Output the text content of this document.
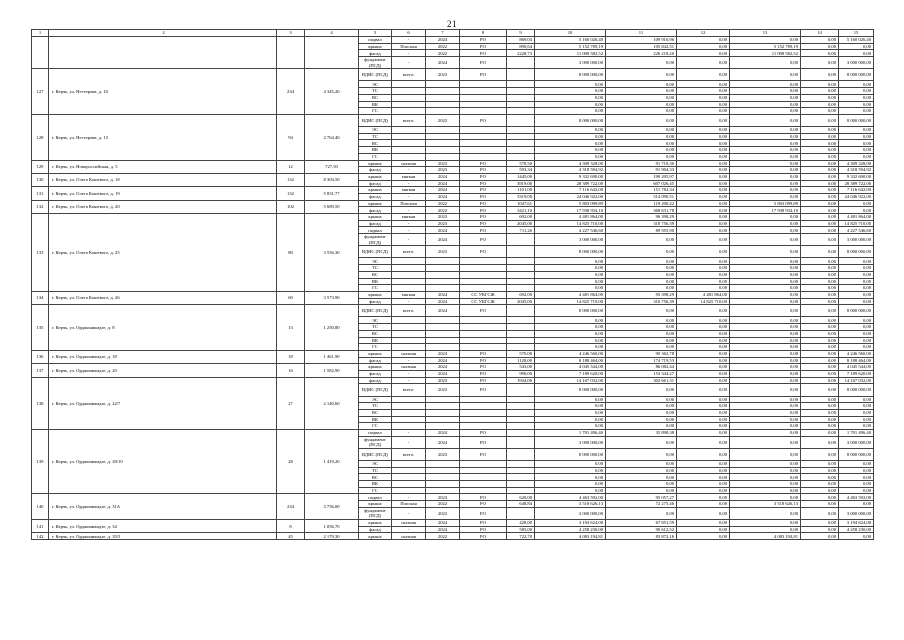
21
1	2	3	4	5	6	7	8	9	10	11	12	13	14	15
				подвал	-	2024	РО	869,04	5 160 026,40	109 910,96	0,00	0,00	0,00	5 160 026,40
				крыша	Плоская	2022	РО	890,64	5 152 789,19	105 842,51	0,00	5 152 789,19	0,00	0,00
				фасад	-	2022	РО	2228,73	11 008 582,52	226 218,20	0,00	11 008 582,52	0,00	0,00
				фундамент (ПСД)	-	2024	РО		3 000 000,00	0,00	0,00	0,00	0,00	3 000 000,00
127	г. Керчь, ул. Нестерова, д. 10	234	4 345,20	ВДИС (ПСД)	всего:	2023	РО		8 000 000,00	0,00	0,00	0,00	0,00	8 000 000,00
				ЭС					0,00	0,00	0,00	0,00	0,00	0,00
				ТС					0,00	0,00	0,00	0,00	0,00	0,00
				ВС					0,00	0,00	0,00	0,00	0,00	0,00
				ВК					0,00	0,00	0,00	0,00	0,00	0,00
				ГС					0,00	0,00	0,00	0,00	0,00	0,00
128	г. Керчь, ул. Нестерова, д. 13	94	2 764,40	ВДИС (ПСД)	всего:	2023	РО		8 000 000,00	0,00	0,00	0,00	0,00	8 000 000,00
				ЭС					0,00	0,00	0,00	0,00	0,00	0,00
				ТС					0,00	0,00	0,00	0,00	0,00	0,00
				ВС					0,00	0,00	0,00	0,00	0,00	0,00
				ВК					0,00	0,00	0,00	0,00	0,00	0,00
				ГС					0,00	0,00	0,00	0,00	0,00	0,00
129	г. Керчь, ул. Новороссийская, д. 5	12	727,50	крыша	скатная	2023	РО	578,50	4 309 328,00	91 710,30	0,00	0,00	0,00	4 309 328,00
				фасад	-	2023	РО	593,34	4 318 594,92	91 904,33	0,00	0,00	0,00	4 318 594,92
130	г. Керчь, ул. Олега Кошевого, д. 18	132	8 304,50	крыша	мягкая	2024	РО	1445,00	9 332 690,00	199 205,97	0,00	0,00	0,00	9 332 690,00
				фасад	-	2024	РО	3919,00	28 389 722,00	607 026,45	0,00	0,00	0,00	28 389 722,00
131	г. Керчь, ул. Олега Кошевого, д. 19	132	5 831,77	крыша	мягкая	2024	РО	1101,00	7 116 642,00	151 782,34	0,00	0,00	0,00	7 116 642,00
				фасад	-	2024	РО	3319,00	24 046 922,00	514 090,51	0,00	0,00	0,00	24 046 922,00
132	г. Керчь, ул. Олега Кошевого, д. 20	102	5 689,50	крыша	Плоская	2022	РО	1047,61	5 803 099,89	119 200,42	0,00	5 803 099,89	0,00	0,00
				фасад	-	2022	РО	3421,10	17 938 934,10	368 631,78	0,00	17 938 934,10	0,00	0,00
133	г. Керчь, ул. Олега Кошевого, д. 25	80	3 556,30	крыша	мягкая	2023	РО	692,00	4 481 864,00	96 398,29	0,00	0,00	0,00	4 481 864,00
				фасад	-	2023	РО	2045,00	14 825 710,00	318 756,39	0,00	0,00	0,00	14 825 710,00
				подвал	-	2024	РО	711,26	4 227 546,60	89 955,90	0,00	0,00	0,00	4 227 546,60
				фундамент (ПСД)	-	2024	РО		3 000 000,00	0,00	0,00	0,00	0,00	3 000 000,00
				ВДИС (ПСД)	всего:	2023	РО		8 000 000,00	0,00	0,00	0,00	0,00	8 000 000,00
				ЭС					0,00	0,00	0,00	0,00	0,00	0,00
				ТС					0,00	0,00	0,00	0,00	0,00	0,00
				ВС					0,00	0,00	0,00	0,00	0,00	0,00
				ВК					0,00	0,00	0,00	0,00	0,00	0,00
				ГС					0,00	0,00	0,00	0,00	0,00	0,00
134	г. Керчь, ул. Олега Кошевого, д. 26	60	3 573,90	крыша	мягкая	2024	СС УКГСЖ	692,00	4 481 864,00	95 398,29	4 481 864,00	0,00	0,00	0,00
				фасад	-	2024	СС УКГСЖ	2045,00	14 825 710,00	316 756,39	14 825 710,00	0,00	0,00	0,00
135	г. Керчь, ул. Орджоникидзе, д. 8	13	1 250,80	ВДИС (ПСД)	всего:	2024	РО		8 000 000,00	0,00	0,00	0,00	0,00	8 000 000,00
				ЭС					0,00	0,00	0,00	0,00	0,00	0,00
				ТС					0,00	0,00	0,00	0,00	0,00	0,00
				ВС					0,00	0,00	0,00	0,00	0,00	0,00
				ВК					0,00	0,00	0,00	0,00	0,00	0,00
				ГС					0,00	0,00	0,00	0,00	0,00	0,00
136	г. Керчь, ул. Орджоникидзе, д. 18	18	1 461,90	крыша	скатная	2024	РО	570,00	4 246 560,00	90 362,78	0,00	0,00	0,00	4 246 560,00
				фасад	-	2024	РО	1128,00	8 188 464,00	174 719,53	0,00	0,00	0,00	8 188 464,00
137	г. Керчь, ул. Орджоникидзе, д. 20	16	1 582,90	крыша	скатная	2024	РО	543,00	4 045 544,00	86 082,44	0,00	0,00	0,00	4 045 544,00
				фасад	-	2024	РО	990,00	7 189 620,00	153 344,27	0,00	0,00	0,00	7 189 620,00
138	г. Керчь, ул. Орджоникидзе, д. 22/7	27	2 140,60	фасад	-	2023	РО	1934,00	14 167 032,00	302 661,31	0,00	0,00	0,00	14 167 032,00
				ВДИС (ПСД)	всего:	2023	РО		8 000 000,00	0,00	0,00	0,00	0,00	8 000 000,00
				ЭС					0,00	0,00	0,00	0,00	0,00	0,00
				ТС					0,00	0,00	0,00	0,00	0,00	0,00
				ВС					0,00	0,00	0,00	0,00	0,00	0,00
				ВК					0,00	0,00	0,00	0,00	0,00	0,00
				ГС					0,00	0,00	0,00	0,00	0,00	0,00
139	г. Керчь, ул. Орджоникидзе, д. 28/10	28	1 419,20	подвал	-	2024	РО		1 701 496,40	35 898,38	0,00	0,00	0,00	1 701 496,40
				фундамент (ПСД)	-	2024	РО		3 000 000,00	0,00	0,00	0,00	0,00	3 000 000,00
				ВДИС (ПСД)	всего:	2023	РО		8 000 000,00	0,00	0,00	0,00	0,00	8 000 000,00
				ЭС					0,00	0,00	0,00	0,00	0,00	0,00
				ТС					0,00	0,00	0,00	0,00	0,00	0,00
				ВС					0,00	0,00	0,00	0,00	0,00	0,00
				ВК					0,00	0,00	0,00	0,00	0,00	0,00
				ГС					0,00	0,00	0,00	0,00	0,00	0,00
140	г. Керчь, ул. Орджоникидзе, д. 31А	234	3 756,00	подвал	-	2023	РО	620,00	4 463 592,00	95 057,27	0,00	0,00	0,00	4 463 592,00
				крыша	Плоская	2022	РО	648,84	3 518 626,13	72 275,46	0,00	3 518 626,13	0,00	0,00
				фундамент (ПСД)	-	2023	РО		3 000 000,00	0,00	0,00	0,00	0,00	3 000 000,00
141	г. Керчь, ул. Орджоникидзе, д. 34	8	1 056,70	крыша	скатная	2024	РО	428,00	3 194 624,00	67 851,59	0,00	0,00	0,00	3 194 624,00
				фасад	-	2024	РО	585,00	4 258 230,00	90 612,52	0,00	0,00	0,00	4 258 230,00
142	г. Керчь, ул. Орджоникидзе, д. 35/5	45	2 179,30	крыша	скатная	2022	РО	722,70	4 083 194,81	83 872,16	0,00	4 083 194,81	0,00	0,00
